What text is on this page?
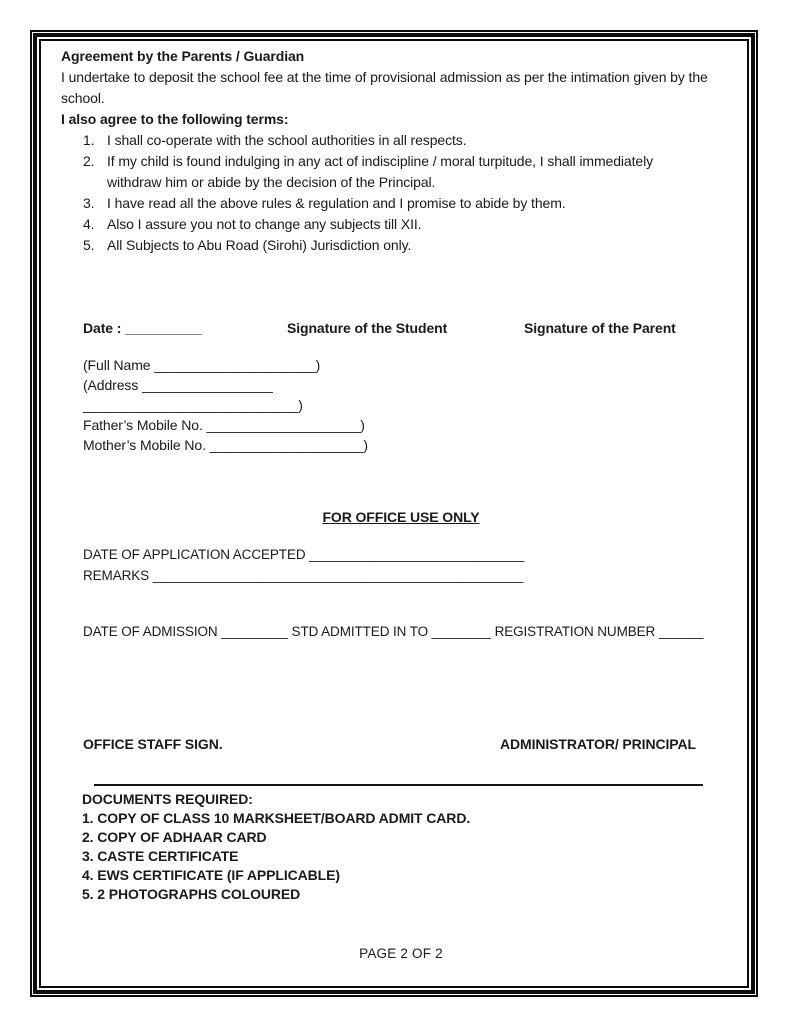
Agreement by the Parents / Guardian
I undertake to deposit the school fee at the time of provisional admission as per the intimation given by the
school.
I also agree to the following terms:
1. I shall co-operate with the school authorities in all respects.
2. If my child is found indulging in any act of indiscipline / moral turpitude, I shall immediately
withdraw him or abide by the decision of the Principal.
3. I have read all the above rules & regulation and I promise to abide by them.
4. Also I assure you not to change any subjects till XII.
5. All Subjects to Abu Road (Sirohi) Jurisdiction only.
Date : __________	Signature of the Student	Signature of the Parent
(Full Name _____________________)
(Address _________________
____________________________)
Father’s Mobile No. ____________________)
Mother’s Mobile No. ____________________)
FOR OFFICE USE ONLY
DATE OF APPLICATION ACCEPTED _____________________________
REMARKS __________________________________________________
DATE OF ADMISSION _________ STD ADMITTED IN TO ________ REGISTRATION NUMBER ______
OFFICE STAFF SIGN.	ADMINISTRATOR/ PRINCIPAL
DOCUMENTS REQUIRED:
1. COPY OF CLASS 10 MARKSHEET/BOARD ADMIT CARD.
2. COPY OF ADHAAR CARD
3. CASTE CERTIFICATE
4. EWS CERTIFICATE (IF APPLICABLE)
5. 2 PHOTOGRAPHS COLOURED
PAGE 2 OF 2
